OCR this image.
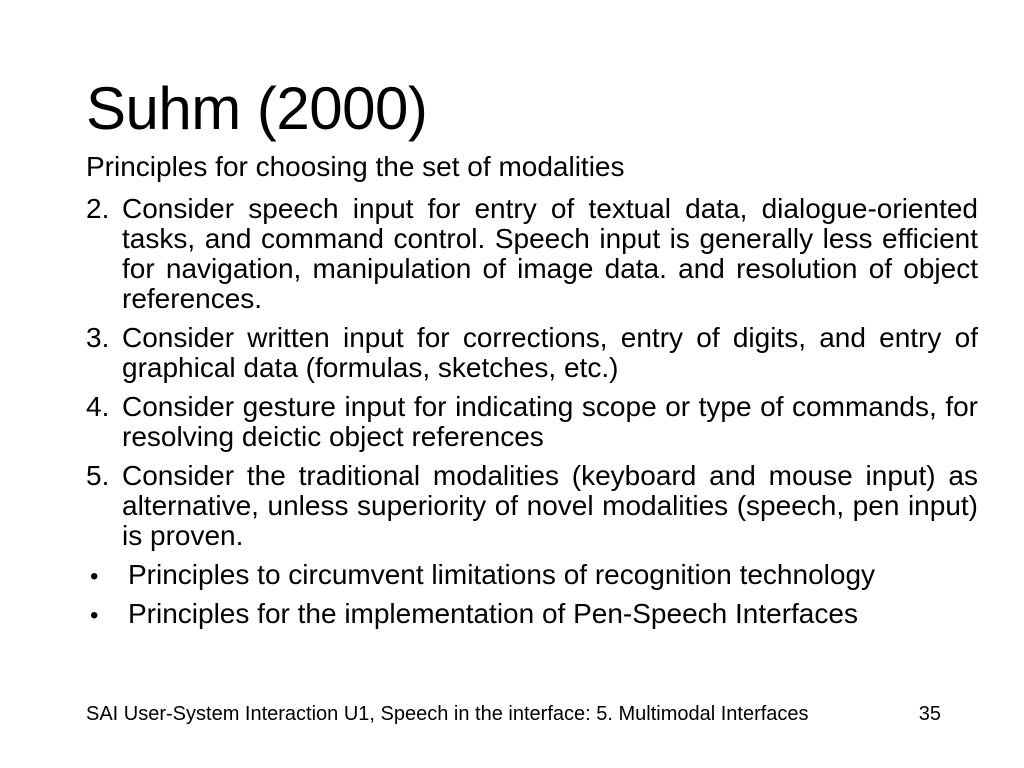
Suhm (2000)

Principles for choosing the set of modalities

2. Consider speech input for entry of textual data, dialogue-oriented tasks, and command control. Speech input is generally less efficient for navigation, manipulation of image data. and resolution of object references.

3. Consider written input for corrections, entry of digits, and entry of graphical data (formulas, sketches, etc.)

4. Consider gesture input for indicating scope or type of commands, for resolving deictic object references

5. Consider the traditional modalities (keyboard and mouse input) as alternative, unless superiority of novel modalities (speech, pen input) is proven.

• Principles to circumvent limitations of recognition technology

• Principles for the implementation of Pen-Speech Interfaces

SAI User-System Interaction U1, Speech in the interface: 5. Multimodal Interfaces	35
